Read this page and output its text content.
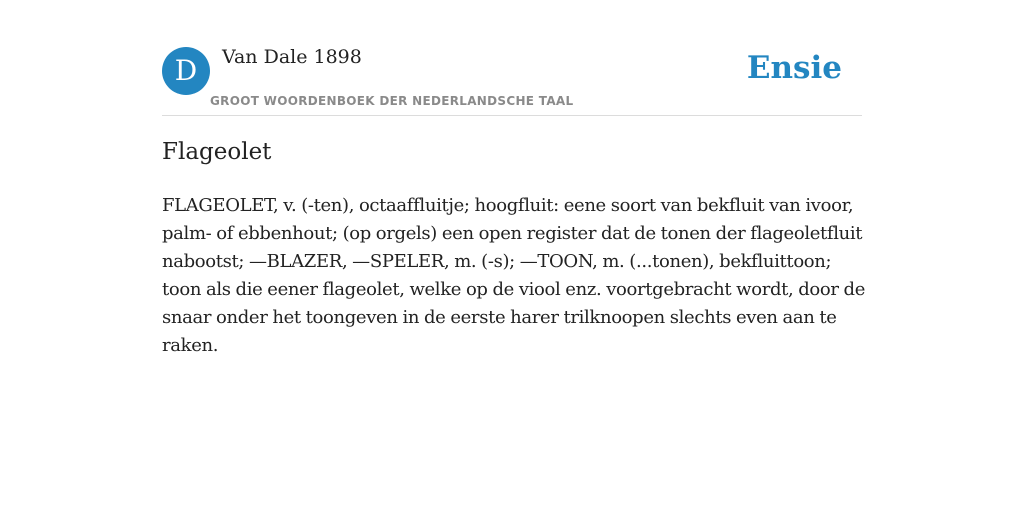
D	Van Dale 1898
GROOT WOORDENBOEK DER NEDERLANDSCHE TAAL
Ensie
Flageolet

FLAGEOLET, v. (-ten), octaaffluitje; hoogfluit: eene soort van bekfluit van ivoor, palm- of ebbenhout; (op orgels) een open register dat de tonen der flageoletfluit nabootst; —BLAZER, —SPELER, m. (-s); —TOON, m. (...tonen), bekfluittoon; toon als die eener flageolet, welke op de viool enz. voortgebracht wordt, door de snaar onder het toongeven in de eerste harer trilknoopen slechts even aan te raken.
